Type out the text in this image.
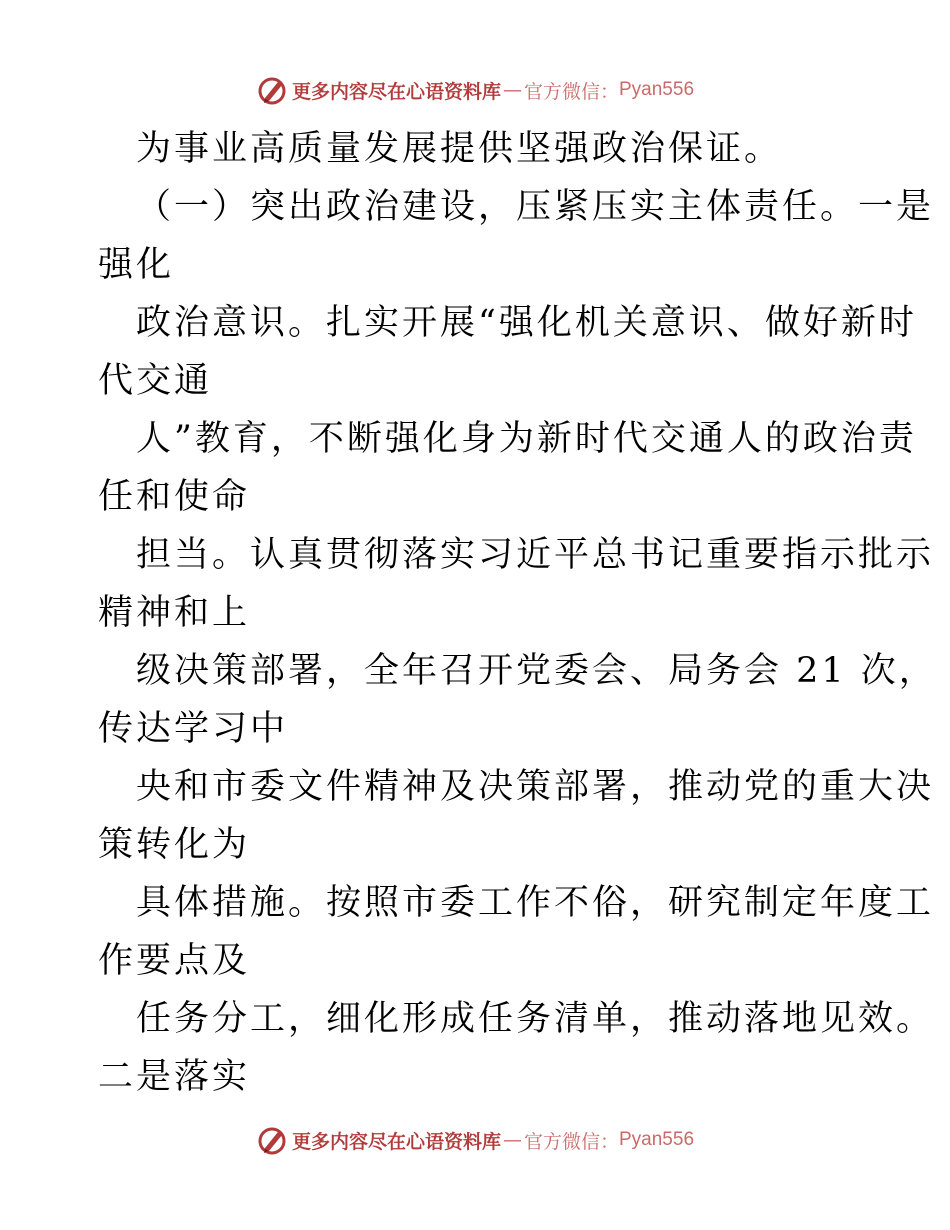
更多内容尽在心语资料库 — 官方微信： Pyan556
为事业高质量发展提供坚强政治保证。
（一）突出政治建设，压紧压实主体责任。一是
强化
政治意识。扎实开展“强化机关意识、做好新时
代交通
人”教育，不断强化身为新时代交通人的政治责
任和使命
担当。认真贯彻落实习近平总书记重要指示批示
精神和上
级决策部署，全年召开党委会、局务会 21 次，
传达学习中
央和市委文件精神及决策部署，推动党的重大决
策转化为
具体措施。按照市委工作不俗，研究制定年度工
作要点及
任务分工，细化形成任务清单，推动落地见效。
二是落实
更多内容尽在心语资料库 — 官方微信： Pyan556
